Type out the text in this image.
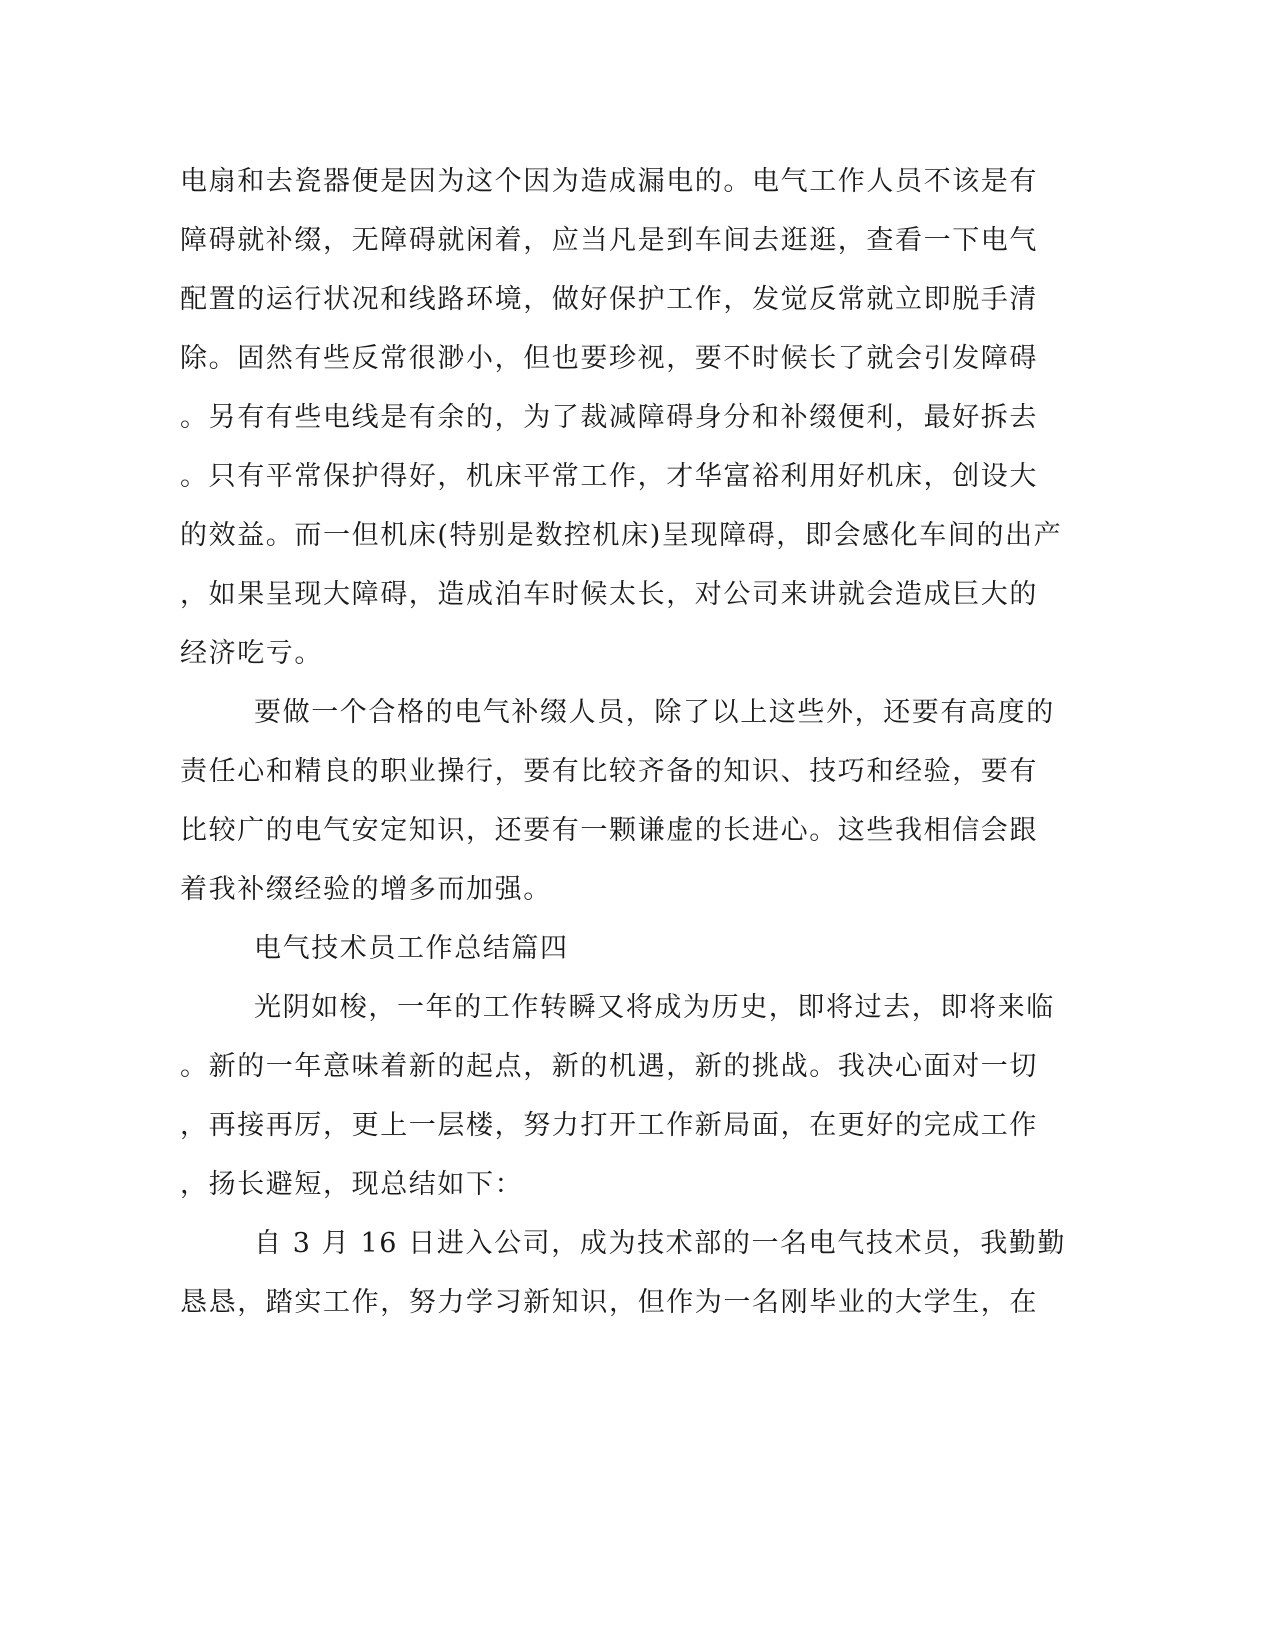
电扇和去瓷器便是因为这个因为造成漏电的。电气工作人员不该是有
障碍就补缀，无障碍就闲着，应当凡是到车间去逛逛，查看一下电气
配置的运行状况和线路环境，做好保护工作，发觉反常就立即脱手清
除。固然有些反常很渺小，但也要珍视，要不时候长了就会引发障碍
。另有有些电线是有余的，为了裁减障碍身分和补缀便利，最好拆去
。只有平常保护得好，机床平常工作，才华富裕利用好机床，创设大
的效益。而一但机床(特别是数控机床)呈现障碍，即会感化车间的出产
，如果呈现大障碍，造成泊车时候太长，对公司来讲就会造成巨大的
经济吃亏。
要做一个合格的电气补缀人员，除了以上这些外，还要有高度的
责任心和精良的职业操行，要有比较齐备的知识、技巧和经验，要有
比较广的电气安定知识，还要有一颗谦虚的长进心。这些我相信会跟
着我补缀经验的增多而加强。
电气技术员工作总结篇四
光阴如梭，一年的工作转瞬又将成为历史，即将过去，即将来临
。新的一年意味着新的起点，新的机遇，新的挑战。我决心面对一切
，再接再厉，更上一层楼，努力打开工作新局面，在更好的完成工作
，扬长避短，现总结如下：
自 3 月 16 日进入公司，成为技术部的一名电气技术员，我勤勤
恳恳，踏实工作，努力学习新知识，但作为一名刚毕业的大学生，在
